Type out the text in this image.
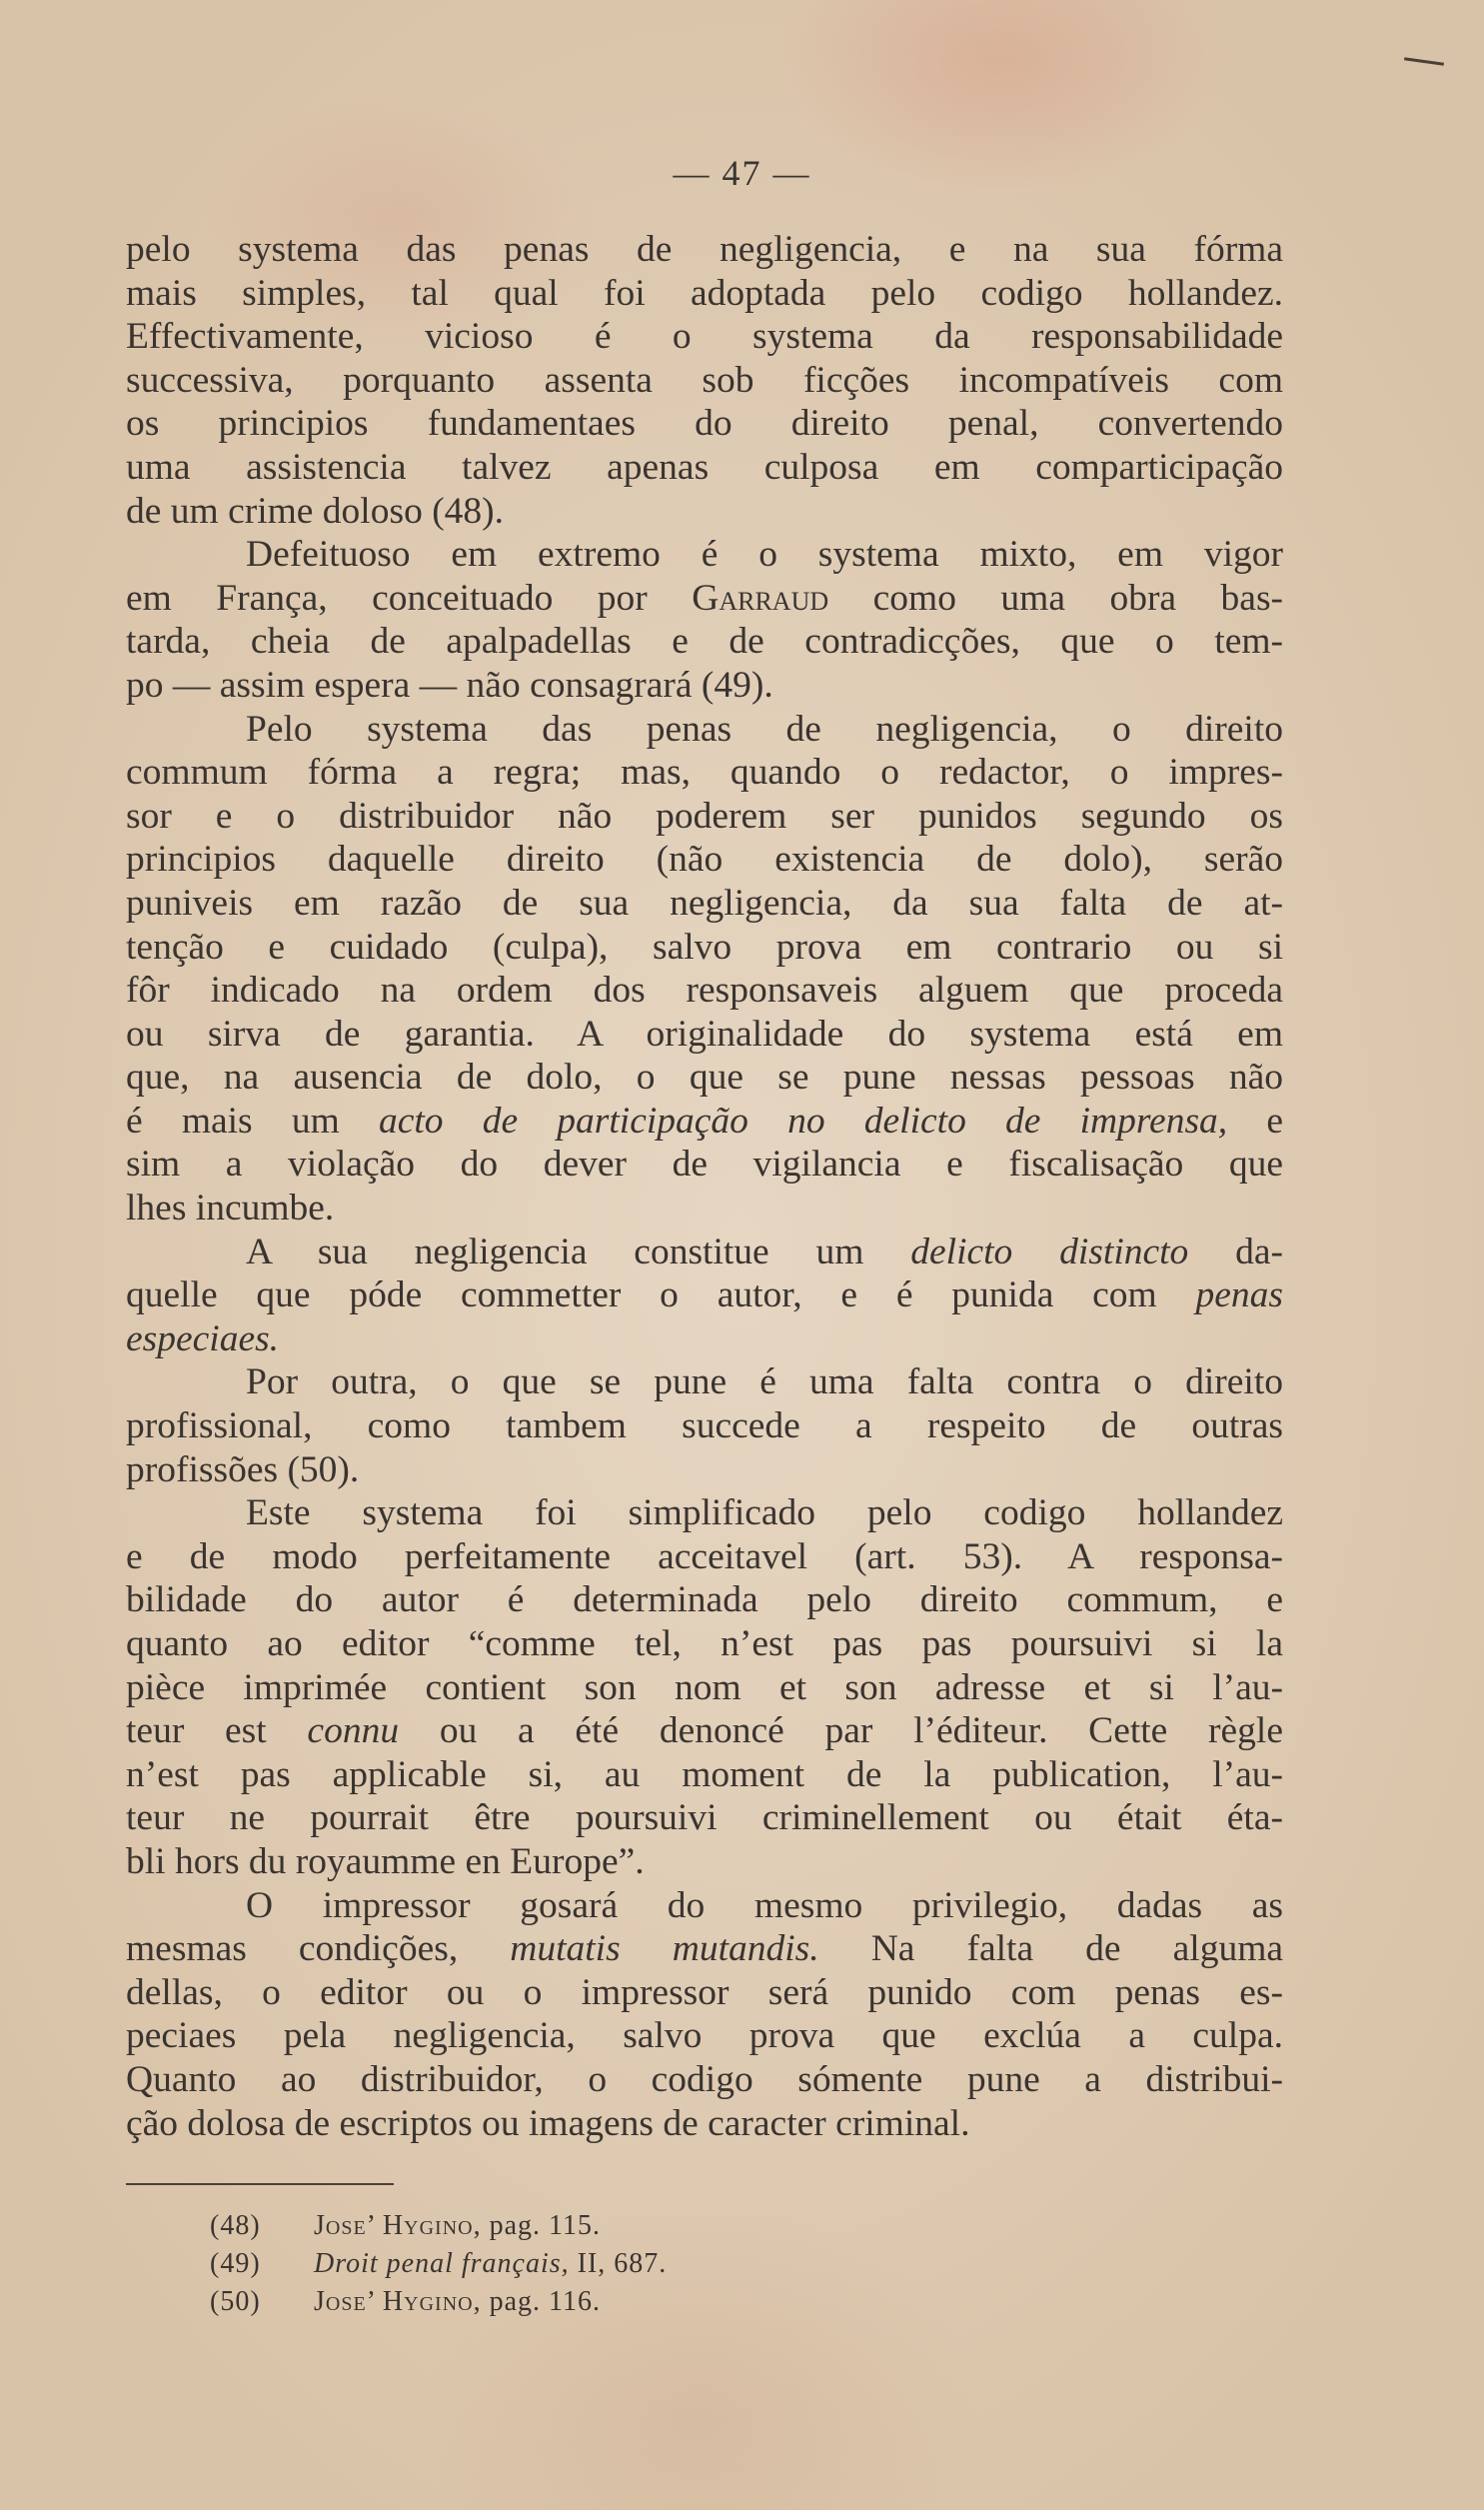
— 47 —
pelo systema das penas de negligencia, e na sua fórma
mais simples, tal qual foi adoptada pelo codigo hollandez.
Effectivamente, vicioso é o systema da responsabilidade
successiva, porquanto assenta sob ficções incompatíveis com
os principios fundamentaes do direito penal, convertendo
uma assistencia talvez apenas culposa em comparticipação
de um crime doloso (48).
Defeituoso em extremo é o systema mixto, em vigor
em França, conceituado por Garraud como uma obra bas-
tarda, cheia de apalpadellas e de contradicções, que o tem-
po — assim espera — não consagrará (49).
Pelo systema das penas de negligencia, o direito
commum fórma a regra; mas, quando o redactor, o impres-
sor e o distribuidor não poderem ser punidos segundo os
principios daquelle direito (não existencia de dolo), serão
puniveis em razão de sua negligencia, da sua falta de at-
tenção e cuidado (culpa), salvo prova em contrario ou si
fôr indicado na ordem dos responsaveis alguem que proceda
ou sirva de garantia. A originalidade do systema está em
que, na ausencia de dolo, o que se pune nessas pessoas não
é mais um acto de participação no delicto de imprensa, e
sim a violação do dever de vigilancia e fiscalisação que
lhes incumbe.
A sua negligencia constitue um delicto distincto da-
quelle que póde commetter o autor, e é punida com penas
especiaes.
Por outra, o que se pune é uma falta contra o direito
profissional, como tambem succede a respeito de outras
profissões (50).
Este systema foi simplificado pelo codigo hollandez
e de modo perfeitamente acceitavel (art. 53). A responsa-
bilidade do autor é determinada pelo direito commum, e
quanto ao editor “comme tel, n’est pas pas poursuivi si la
pièce imprimée contient son nom et son adresse et si l’au-
teur est connu ou a été denoncé par l’éditeur. Cette règle
n’est pas applicable si, au moment de la publication, l’au-
teur ne pourrait être poursuivi criminellement ou était éta-
bli hors du royaumme en Europe”.
O impressor gosará do mesmo privilegio, dadas as
mesmas condições, mutatis mutandis. Na falta de alguma
dellas, o editor ou o impressor será punido com penas es-
peciaes pela negligencia, salvo prova que exclúa a culpa.
Quanto ao distribuidor, o codigo sómente pune a distribui-
ção dolosa de escriptos ou imagens de caracter criminal.
(48) Jose’ Hygino, pag. 115.
(49) Droit penal français, II, 687.
(50) Jose’ Hygino, pag. 116.
